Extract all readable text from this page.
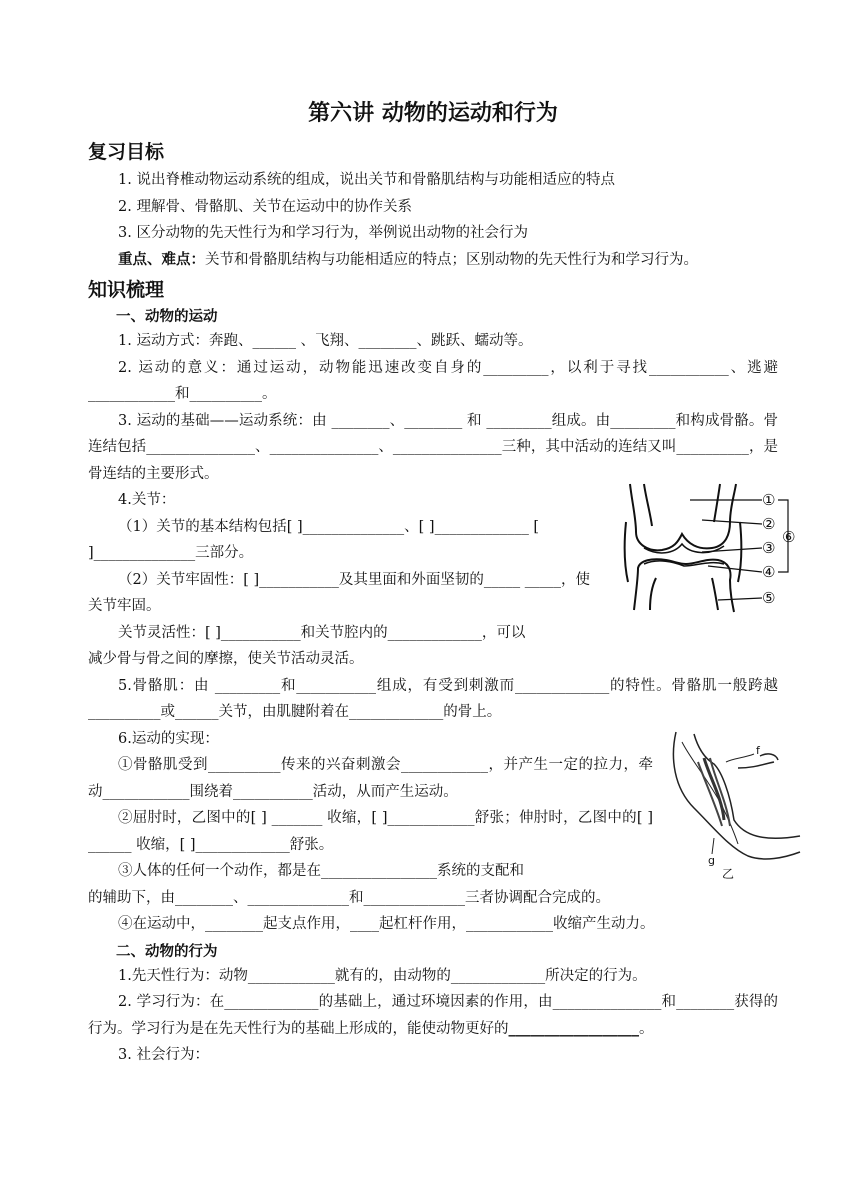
第六讲 动物的运动和行为
复习目标

1. 说出脊椎动物运动系统的组成，说出关节和骨骼肌结构与功能相适应的特点

2. 理解骨、骨骼肌、关节在运动中的协作关系

3. 区分动物的先天性行为和学习行为，举例说出动物的社会行为

重点、难点：关节和骨骼肌结构与功能相适应的特点；区别动物的先天性行为和学习行为。

知识梳理
一、动物的运动

1. 运动方式：奔跑、______ 、飞翔、________、跳跃、蠕动等。

2. 运动的意义：通过运动，动物能迅速改变自身的_________，以利于寻找___________、逃避____________和__________。

3. 运动的基础——运动系统：由 ________、________ 和 _________组成。由_________和构成骨骼。骨连结包括_______________、_______________、_______________三种，其中活动的连结又叫__________，是骨连结的主要形式。

4.关节：

（1）关节的基本结构包括[ ]______________、[ ]_____________ [ ]______________三部分。

（2）关节牢固性：[ ]___________及其里面和外面坚韧的_____ _____，使关节牢固。

关节灵活性：[ ]___________和关节腔内的_____________，可以

减少骨与骨之间的摩擦，使关节活动灵活。

5.骨骼肌：由 _________和___________组成，有受到刺激而_____________的特性。骨骼肌一般跨越__________或______关节，由肌腱附着在_____________的骨上。

6.运动的实现：

①骨骼肌受到__________传来的兴奋刺激会____________，并产生一定的拉力，牵动____________围绕着___________活动，从而产生运动。

②屈肘时，乙图中的[ ] _______ 收缩，[ ]____________舒张；伸肘时，乙图中的[ ] ______ 收缩，[ ]_____________舒张。

③人体的任何一个动作，都是在________________系统的支配和

的辅助下，由________、______________和______________三者协调配合完成的。

④在运动中，________起支点作用，____起杠杆作用，____________收缩产生动力。

二、动物的行为

1.先天性行为：动物____________就有的，由动物的_____________所决定的行为。

2. 学习行为：在_____________的基础上，通过环境因素的作用，由_______________和________获得的行为。学习行为是在先天性行为的基础上形成的，能使动物更好的__________________。

3. 社会行为：

①
②
③
④
⑤
⑥
f
g
乙
